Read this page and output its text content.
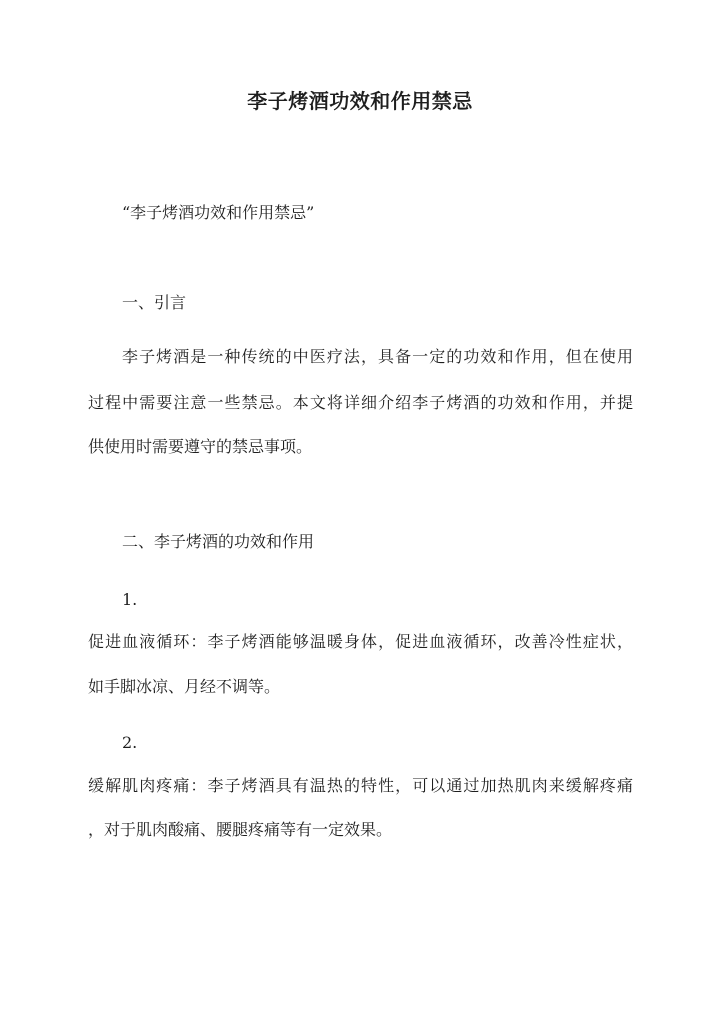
李子烤酒功效和作用禁忌
“李子烤酒功效和作用禁忌”
一、引言
李子烤酒是一种传统的中医疗法，具备一定的功效和作用，但在使用
过程中需要注意一些禁忌。本文将详细介绍李子烤酒的功效和作用，并提
供使用时需要遵守的禁忌事项。
二、李子烤酒的功效和作用
1.
促进血液循环：李子烤酒能够温暖身体，促进血液循环，改善冷性症状，
如手脚冰凉、月经不调等。
2.
缓解肌肉疼痛：李子烤酒具有温热的特性，可以通过加热肌肉来缓解疼痛
，对于肌肉酸痛、腰腿疼痛等有一定效果。
